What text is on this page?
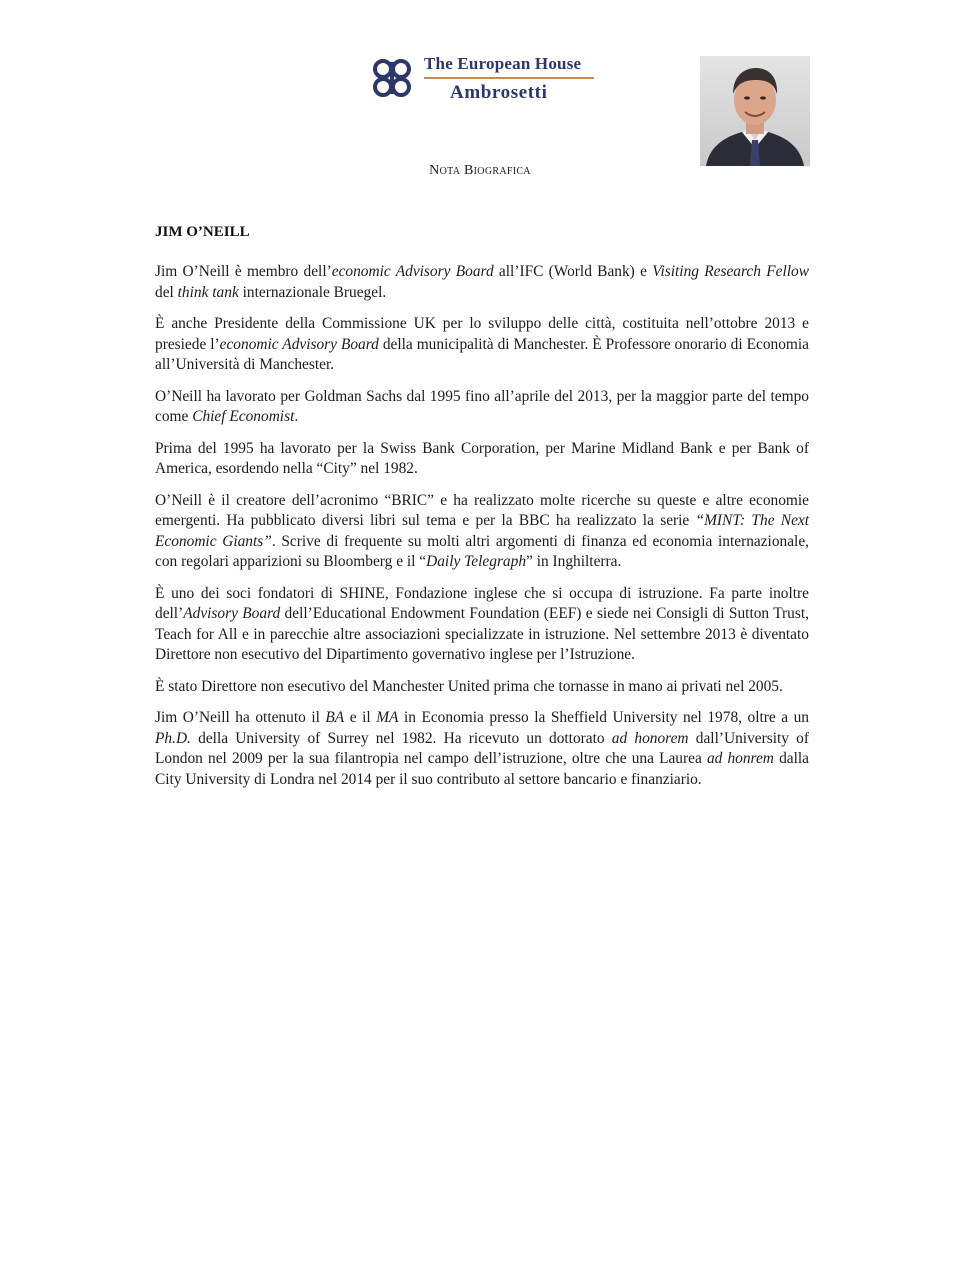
The European House
Ambrosetti
Nota Biografica
JIM O’NEILL

Jim O’Neill è membro dell’economic Advisory Board all’IFC (World Bank) e Visiting Research Fellow del think tank internazionale Bruegel.

È anche Presidente della Commissione UK per lo sviluppo delle città, costituita nell’ottobre 2013 e presiede l’economic Advisory Board della municipalità di Manchester. È Professore onorario di Economia all’Università di Manchester.

O’Neill ha lavorato per Goldman Sachs dal 1995 fino all’aprile del 2013, per la maggior parte del tempo come Chief Economist.

Prima del 1995 ha lavorato per la Swiss Bank Corporation, per Marine Midland Bank e per Bank of America, esordendo nella “City” nel 1982.

O’Neill è il creatore dell’acronimo “BRIC” e ha realizzato molte ricerche su queste e altre economie emergenti. Ha pubblicato diversi libri sul tema e per la BBC ha realizzato la serie “MINT: The Next Economic Giants”. Scrive di frequente su molti altri argomenti di finanza ed economia internazionale, con regolari apparizioni su Bloomberg e il “Daily Telegraph” in Inghilterra.

È uno dei soci fondatori di SHINE, Fondazione inglese che si occupa di istruzione. Fa parte inoltre dell’Advisory Board dell’Educational Endowment Foundation (EEF) e siede nei Consigli di Sutton Trust, Teach for All e in parecchie altre associazioni specializzate in istruzione. Nel settembre 2013 è diventato Direttore non esecutivo del Dipartimento governativo inglese per l’Istruzione.

È stato Direttore non esecutivo del Manchester United prima che tornasse in mano ai privati nel 2005.

Jim O’Neill ha ottenuto il BA e il MA in Economia presso la Sheffield University nel 1978, oltre a un Ph.D. della University of Surrey nel 1982. Ha ricevuto un dottorato ad honorem dall’University of London nel 2009 per la sua filantropia nel campo dell’istruzione, oltre che una Laurea ad honrem dalla City University di Londra nel 2014 per il suo contributo al settore bancario e finanziario.
